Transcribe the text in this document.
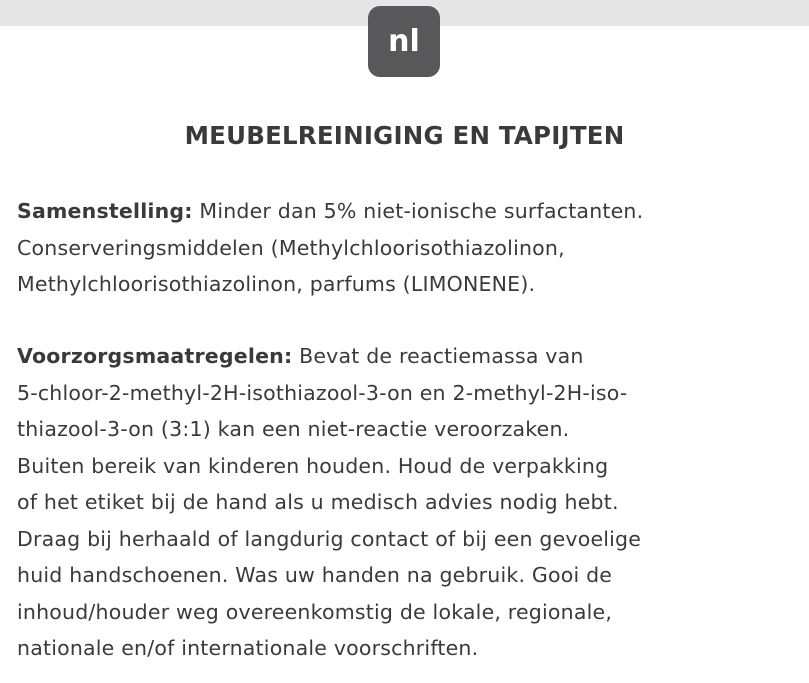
nl
MEUBELREINIGING EN TAPIJTEN
Samenstelling: Minder dan 5% niet-ionische surfactanten.
Conserveringsmiddelen (Methylchloorisothiazolinon,
Methylchloorisothiazolinon, parfums (LIMONENE).
Voorzorgsmaatregelen: Bevat de reactiemassa van
5-chloor-2-methyl-2H-isothiazool-3-on en 2-methyl-2H-iso-
thiazool-3-on (3:1) kan een niet-reactie veroorzaken.
Buiten bereik van kinderen houden. Houd de verpakking
of het etiket bij de hand als u medisch advies nodig hebt.
Draag bij herhaald of langdurig contact of bij een gevoelige
huid handschoenen. Was uw handen na gebruik. Gooi de
inhoud/houder weg overeenkomstig de lokale, regionale,
nationale en/of internationale voorschriften.
